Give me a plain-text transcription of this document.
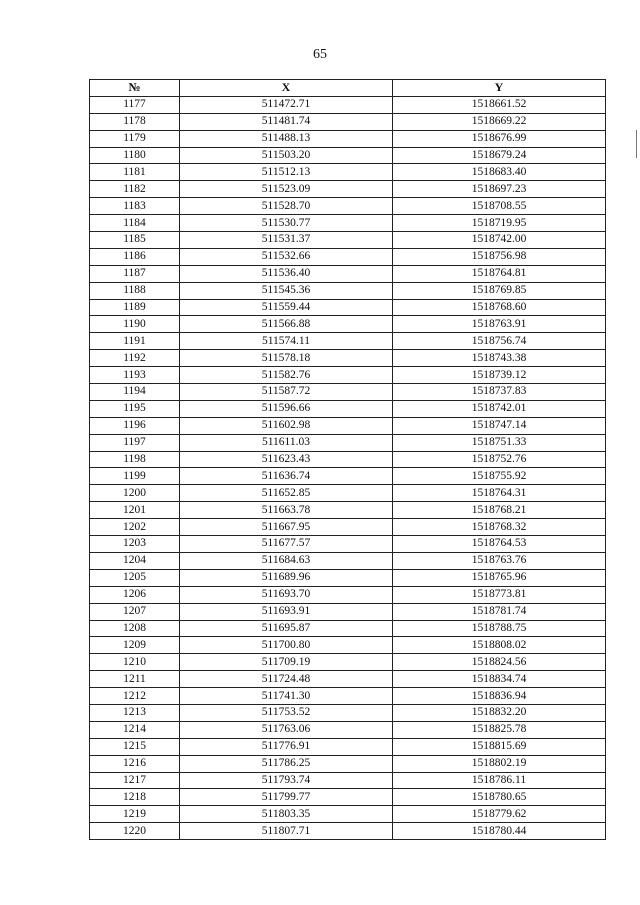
65
№	X	Y
1177	511472.71	1518661.52
1178	511481.74	1518669.22
1179	511488.13	1518676.99
1180	511503.20	1518679.24
1181	511512.13	1518683.40
1182	511523.09	1518697.23
1183	511528.70	1518708.55
1184	511530.77	1518719.95
1185	511531.37	1518742.00
1186	511532.66	1518756.98
1187	511536.40	1518764.81
1188	511545.36	1518769.85
1189	511559.44	1518768.60
1190	511566.88	1518763.91
1191	511574.11	1518756.74
1192	511578.18	1518743.38
1193	511582.76	1518739.12
1194	511587.72	1518737.83
1195	511596.66	1518742.01
1196	511602.98	1518747.14
1197	511611.03	1518751.33
1198	511623.43	1518752.76
1199	511636.74	1518755.92
1200	511652.85	1518764.31
1201	511663.78	1518768.21
1202	511667.95	1518768.32
1203	511677.57	1518764.53
1204	511684.63	1518763.76
1205	511689.96	1518765.96
1206	511693.70	1518773.81
1207	511693.91	1518781.74
1208	511695.87	1518788.75
1209	511700.80	1518808.02
1210	511709.19	1518824.56
1211	511724.48	1518834.74
1212	511741.30	1518836.94
1213	511753.52	1518832.20
1214	511763.06	1518825.78
1215	511776.91	1518815.69
1216	511786.25	1518802.19
1217	511793.74	1518786.11
1218	511799.77	1518780.65
1219	511803.35	1518779.62
1220	511807.71	1518780.44
